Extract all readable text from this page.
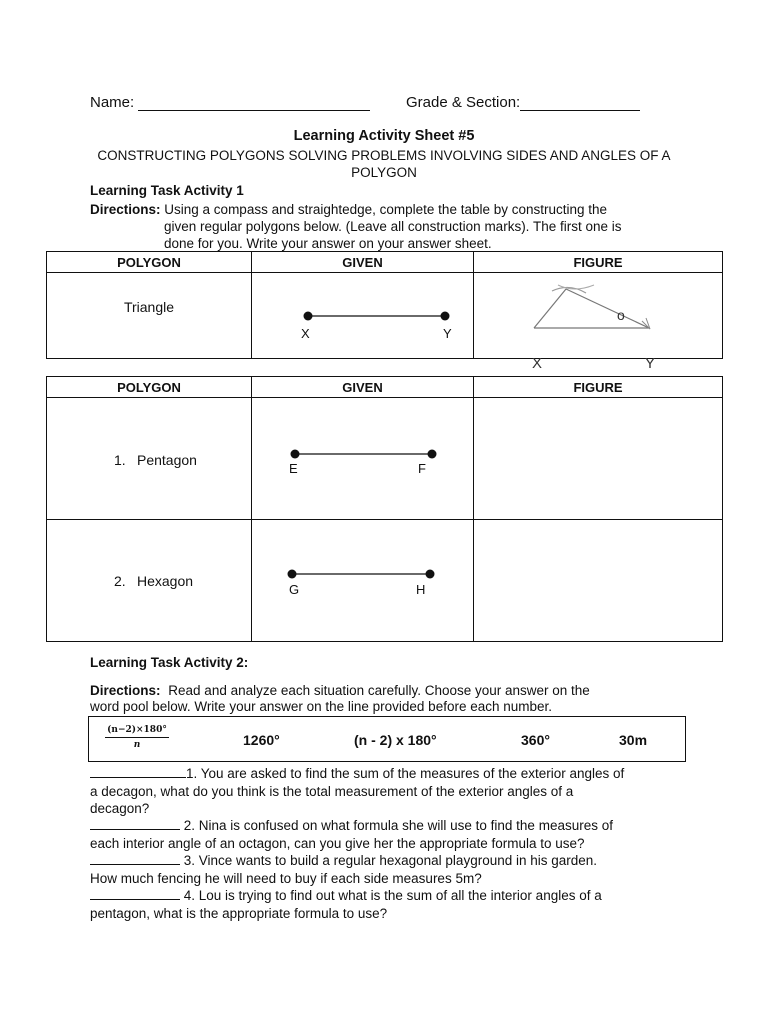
Name:	Grade & Section:
Learning Activity Sheet #5
CONSTRUCTING POLYGONS SOLVING PROBLEMS INVOLVING SIDES AND ANGLES OF A
POLYGON
Learning Task Activity 1
Directions: Using a compass and straightedge, complete the table by constructing the
given regular polygons below. (Leave all construction marks). The first one is
done for you. Write your answer on your answer sheet.
POLYGON	GIVEN	FIGURE

Triangle	X Y	o
X Y
POLYGON	GIVEN	FIGURE

1. Pentagon	E F	

2. Hexagon	G H	

Learning Task Activity 2:
Directions: Read and analyze each situation carefully. Choose your answer on the
word pool below. Write your answer on the line provided before each number.
$\frac{(n-2)\times 180^\circ}{n}$	1260°	(n - 2) x 180°	360°	30m
1. You are asked to find the sum of the measures of the exterior angles of
a decagon, what do you think is the total measurement of the exterior angles of a
decagon?
2. Nina is confused on what formula she will use to find the measures of
each interior angle of an octagon, can you give her the appropriate formula to use?
3. Vince wants to build a regular hexagonal playground in his garden.
How much fencing he will need to buy if each side measures 5m?
4. Lou is trying to find out what is the sum of all the interior angles of a
pentagon, what is the appropriate formula to use?
